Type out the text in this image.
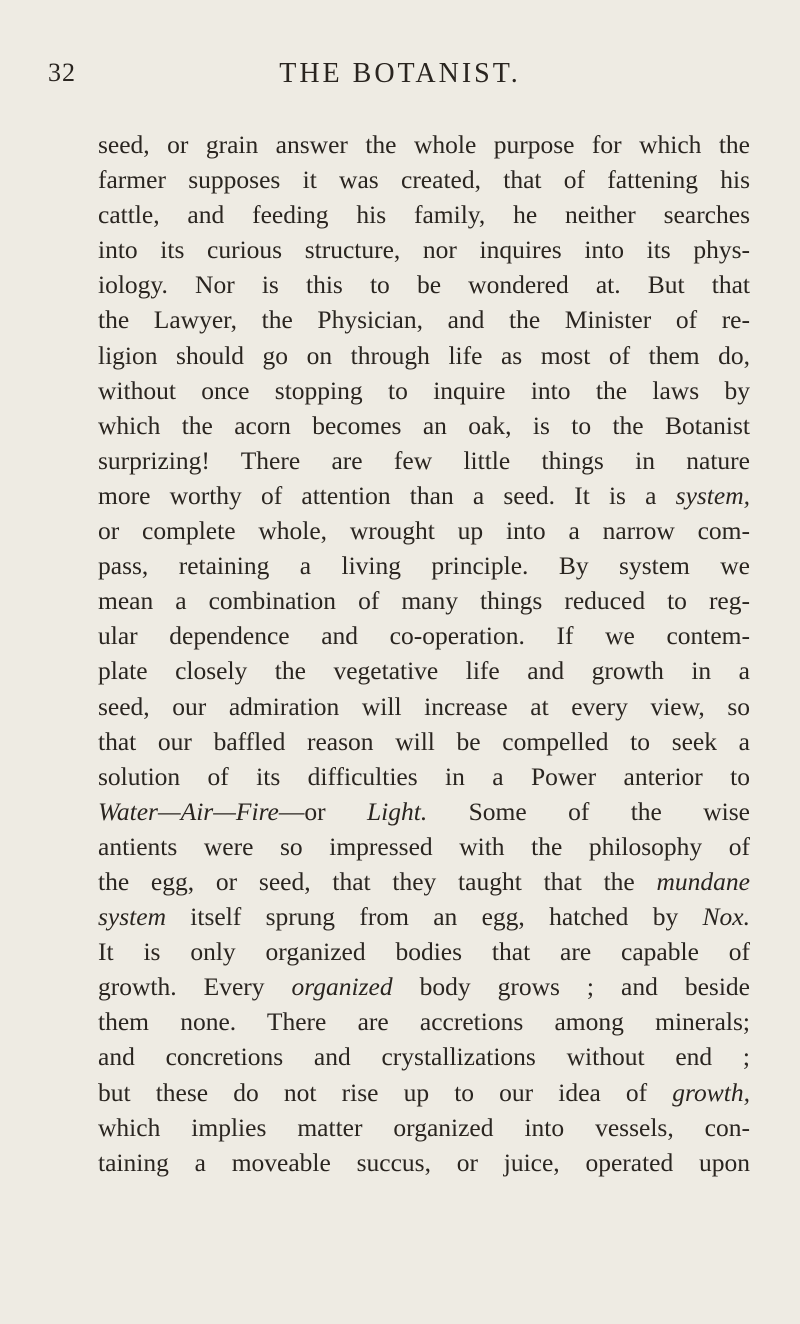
32	THE BOTANIST.
seed, or grain answer the whole purpose for which the
farmer supposes it was created, that of fattening his
cattle, and feeding his family, he neither searches
into its curious structure, nor inquires into its phys-
iology. Nor is this to be wondered at. But that
the Lawyer, the Physician, and the Minister of re-
ligion should go on through life as most of them do,
without once stopping to inquire into the laws by
which the acorn becomes an oak, is to the Botanist
surprizing! There are few little things in nature
more worthy of attention than a seed. It is a system,
or complete whole, wrought up into a narrow com-
pass, retaining a living principle. By system we
mean a combination of many things reduced to reg-
ular dependence and co-operation. If we contem-
plate closely the vegetative life and growth in a
seed, our admiration will increase at every view, so
that our baffled reason will be compelled to seek a
solution of its difficulties in a Power anterior to
Water—Air—Fire—or Light. Some of the wise
antients were so impressed with the philosophy of
the egg, or seed, that they taught that the mundane
system itself sprung from an egg, hatched by Nox.
It is only organized bodies that are capable of
growth. Every organized body grows ; and beside
them none. There are accretions among minerals;
and concretions and crystallizations without end ;
but these do not rise up to our idea of growth,
which implies matter organized into vessels, con-
taining a moveable succus, or juice, operated upon
